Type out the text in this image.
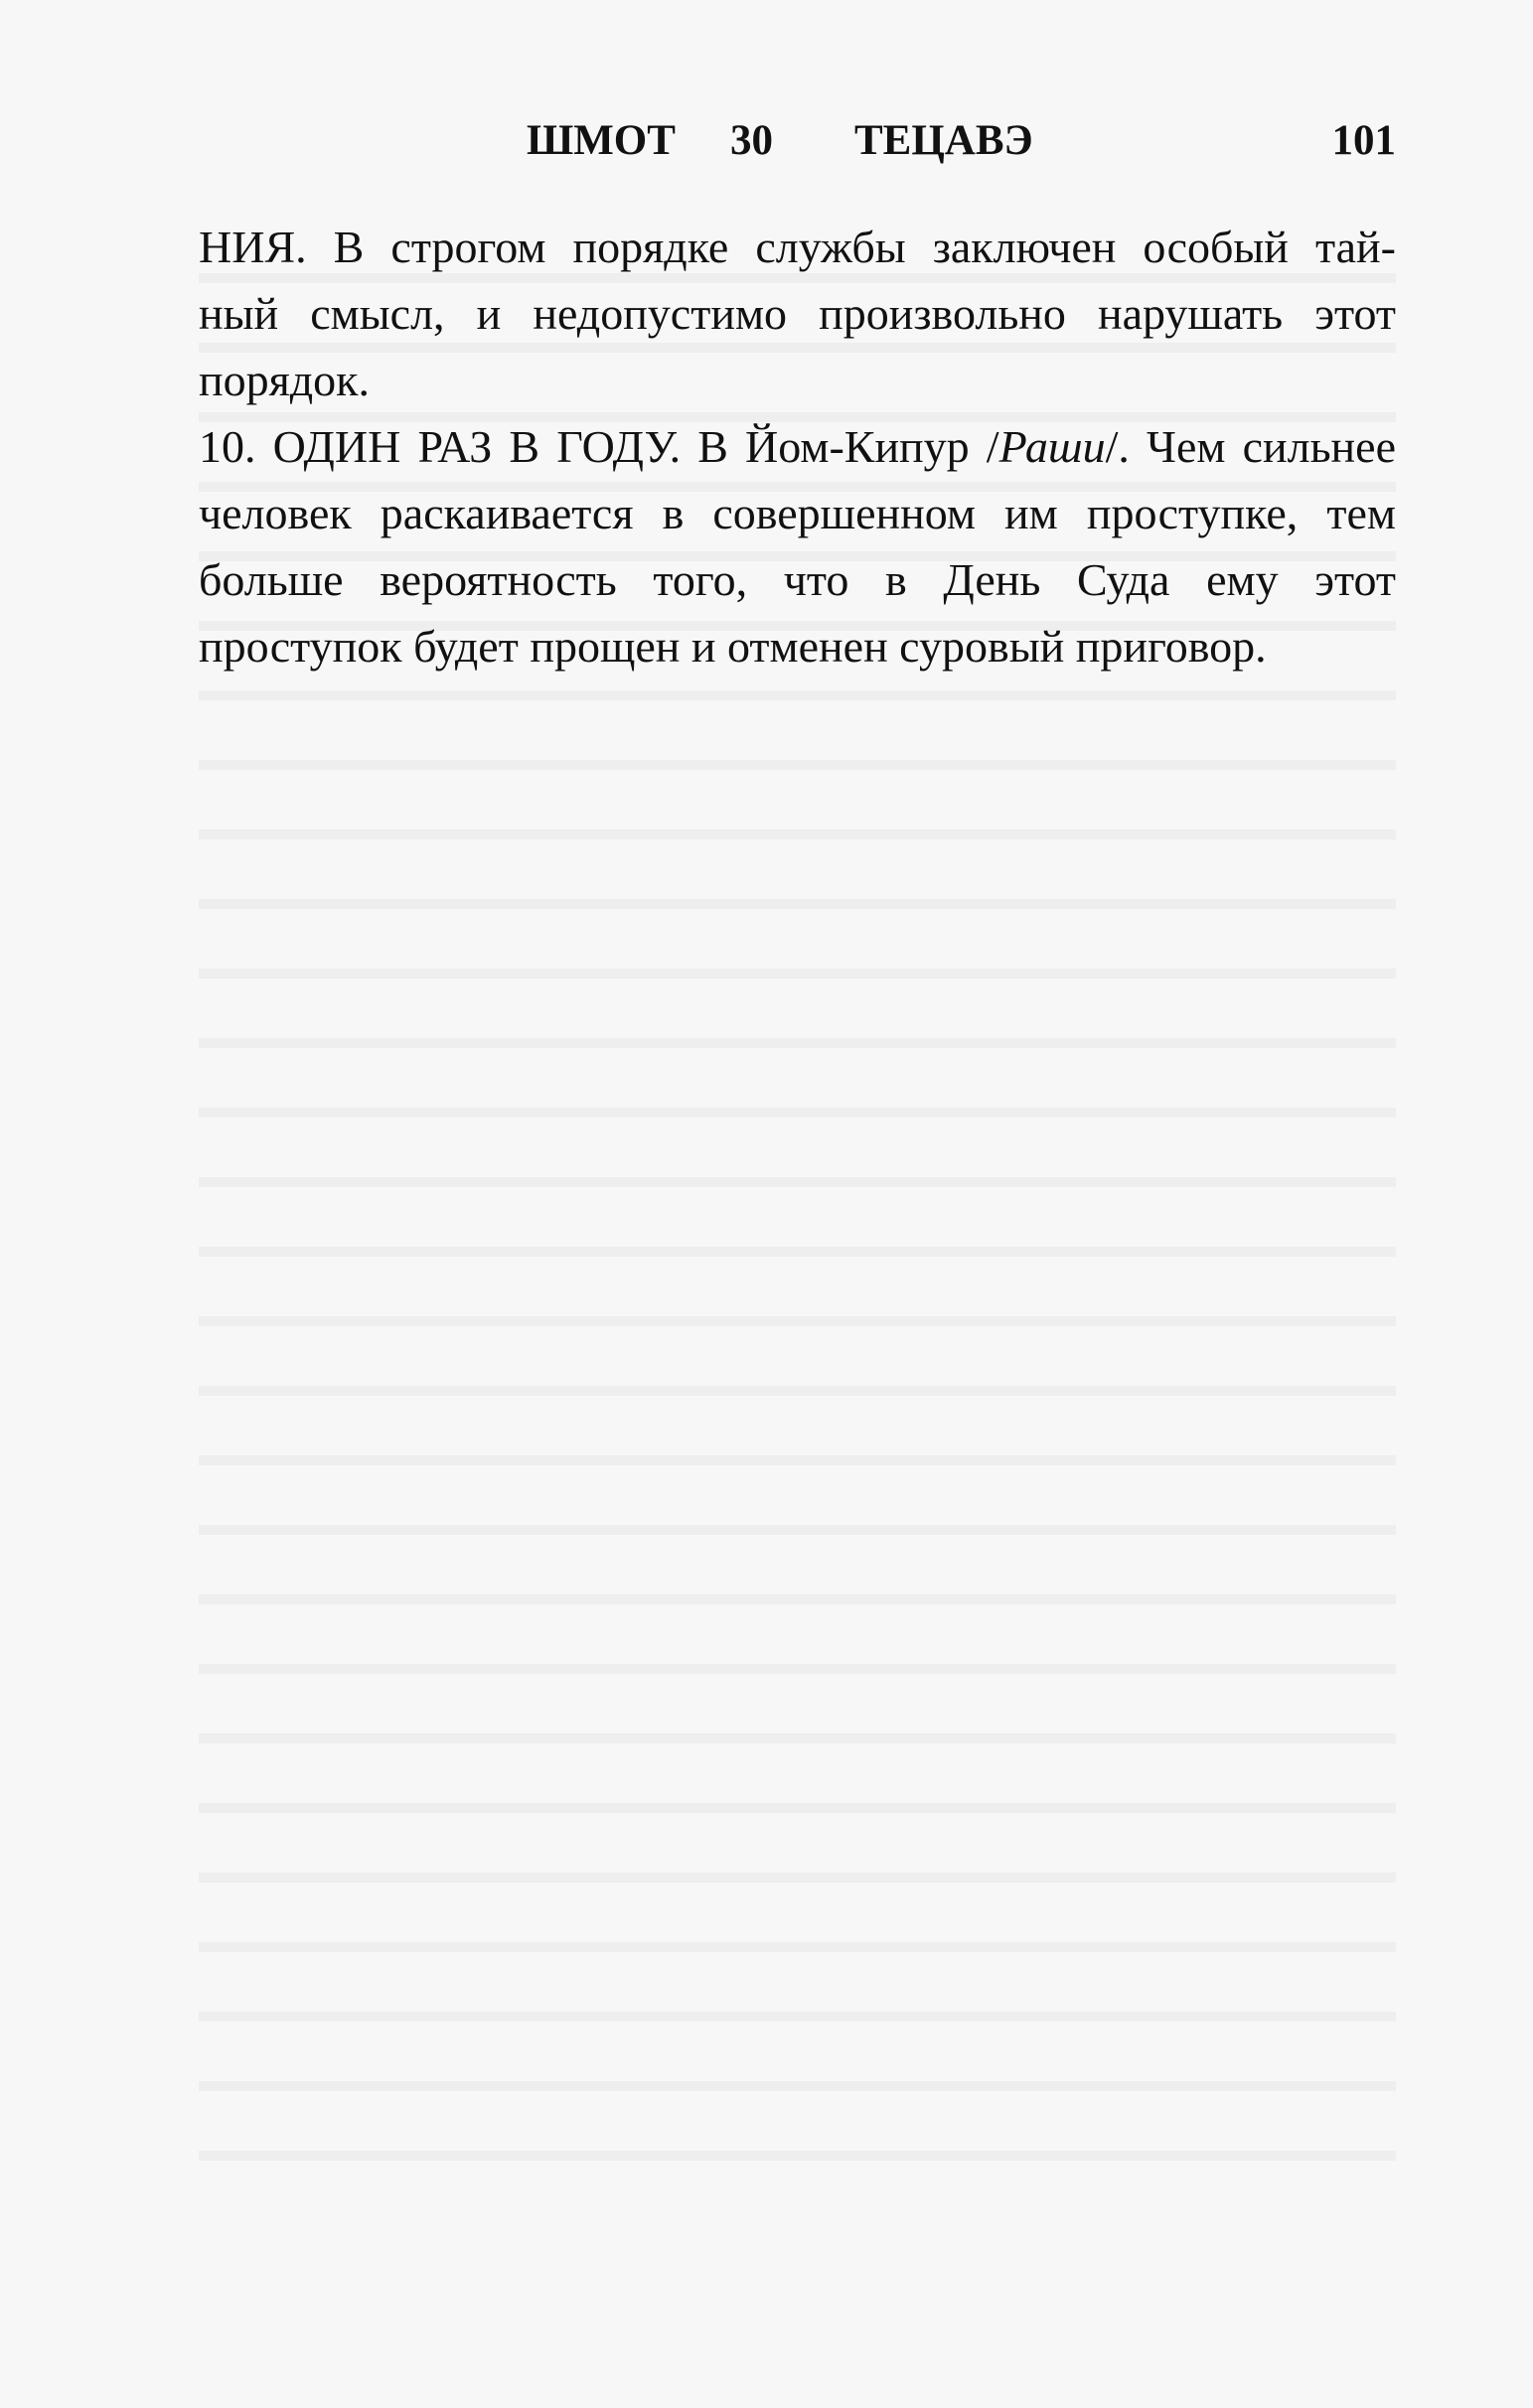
ШМОТ 30 ТЕЦАВЭ	101
НИЯ. В строгом порядке службы заключен особый тай-
ный смысл, и недопустимо произвольно нарушать этот
порядок.
10. ОДИН РАЗ В ГОДУ. В Йом-Кипур /Раши/. Чем сильнее
человек раскаивается в совершенном им проступке, тем
больше вероятность того, что в День Суда ему этот
проступок будет прощен и отменен суровый приговор.
